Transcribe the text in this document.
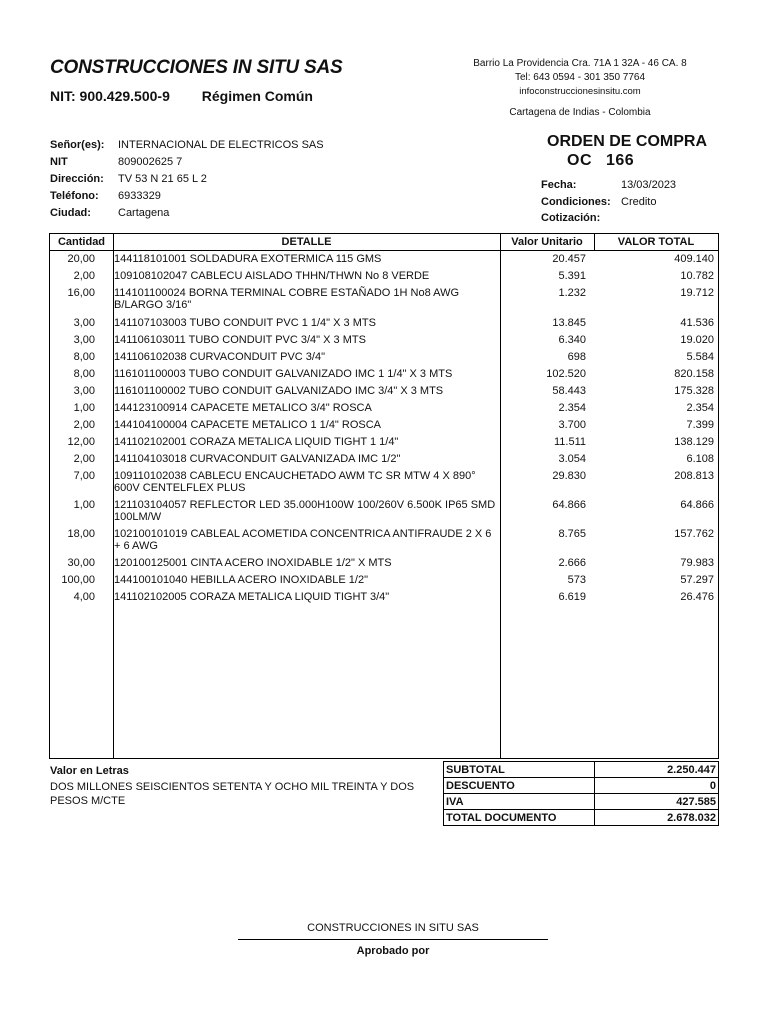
CONSTRUCCIONES IN SITU SAS
NIT: 900.429.500-9 Régimen Común
Barrio La Providencia Cra. 71A 1 32A - 46 CA. 8
Tel: 643 0594 - 301 350 7764
infoconstruccionesinsitu.com
Cartagena de Indias - Colombia
Señor(es):	INTERNACIONAL DE ELECTRICOS SAS
NIT	809002625 7
Dirección:	TV 53 N 21 65 L 2
Teléfono:	6933329
Ciudad:	Cartagena
ORDEN DE COMPRA
OC 166
Fecha:	13/03/2023
Condiciones: Credito
Cotización:
Cantidad	DETALLE	Valor Unitario	VALOR TOTAL
20,00 144118101001 SOLDADURA EXOTERMICA 115 GMS	20.457	409.140
2,00 109108102047 CABLECU AISLADO THHN/THWN No 8 VERDE	5.391	10.782
16,00 114101100024 BORNA TERMINAL COBRE ESTAÑADO 1H No8 AWG B/LARGO 3/16"
1.232	19.712
3,00 141107103003 TUBO CONDUIT PVC 1 1/4" X 3 MTS	13.845	41.536
3,00 141106103011 TUBO CONDUIT PVC 3/4" X 3 MTS	6.340	19.020
8,00 141106102038 CURVACONDUIT PVC 3/4"	698	5.584
8,00 116101100003 TUBO CONDUIT GALVANIZADO IMC 1 1/4" X 3 MTS	102.520	820.158
3,00 116101100002 TUBO CONDUIT GALVANIZADO IMC 3/4" X 3 MTS	58.443	175.328
1,00 144123100914 CAPACETE METALICO 3/4" ROSCA	2.354	2.354
2,00 144104100004 CAPACETE METALICO 1 1/4" ROSCA	3.700	7.399
12,00 141102102001 CORAZA METALICA LIQUID TIGHT 1 1/4"	11.511	138.129
2,00 141104103018 CURVACONDUIT GALVANIZADA IMC 1/2"	3.054	6.108
7,00 109110102038 CABLECU ENCAUCHETADO AWM TC SR MTW 4 X 890° 600V CENTELFLEX PLUS
29.830	208.813
1,00 121103104057 REFLECTOR LED 35.000H100W 100/260V 6.500K IP65 SMD 100LM/W
64.866	64.866
18,00 102100101019 CABLEAL ACOMETIDA CONCENTRICA ANTIFRAUDE 2 X 6 + 6 AWG
8.765	157.762
30,00 120100125001 CINTA ACERO INOXIDABLE 1/2" X MTS	2.666	79.983
100,00 144100101040 HEBILLA ACERO INOXIDABLE 1/2"	573	57.297
4,00 141102102005 CORAZA METALICA LIQUID TIGHT 3/4"	6.619	26.476
Valor en Letras
DOS MILLONES SEISCIENTOS SETENTA Y OCHO MIL TREINTA Y DOS PESOS M/CTE
SUBTOTAL	2.250.447
DESCUENTO	0
IVA	427.585
TOTAL DOCUMENTO	2.678.032
CONSTRUCCIONES IN SITU SAS
Aprobado por
